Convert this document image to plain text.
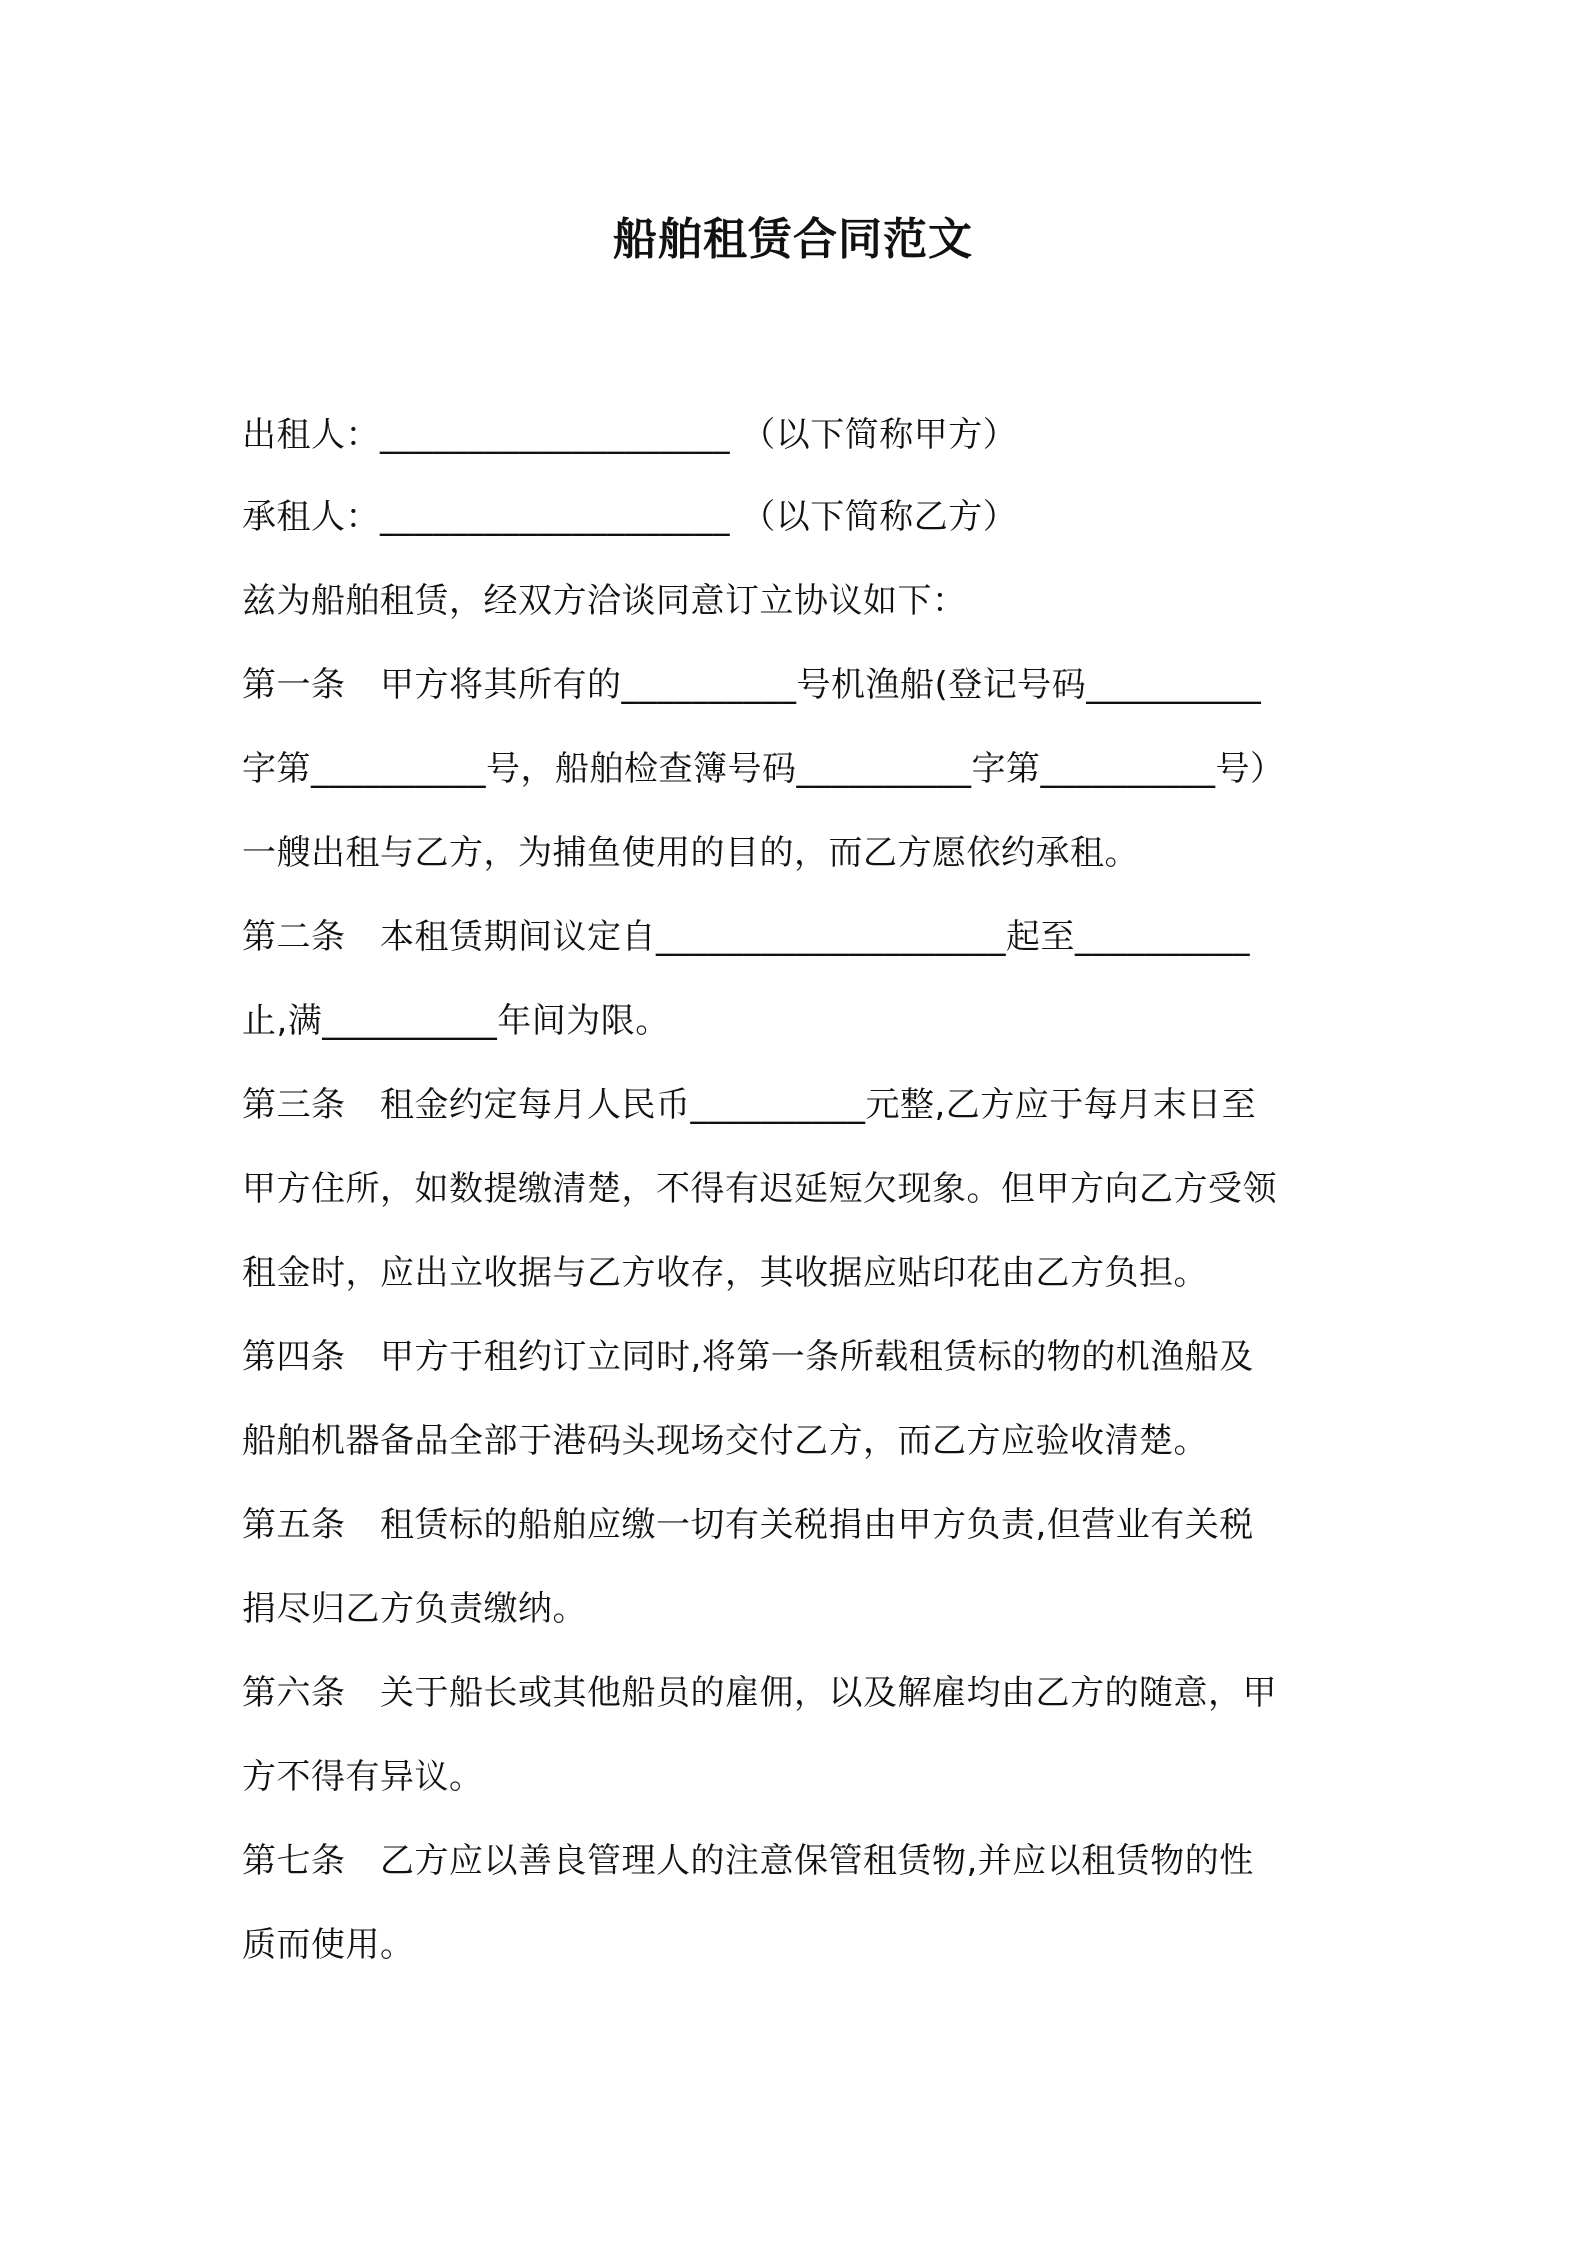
船舶租赁合同范文
出租人：____________________ （以下简称甲方）
承租人：____________________ （以下简称乙方）
兹为船舶租赁，经双方洽谈同意订立协议如下：
第一条　甲方将其所有的__________号机渔船(登记号码__________
字第__________号，船舶检查簿号码__________字第__________号）
一艘出租与乙方，为捕鱼使用的目的，而乙方愿依约承租。
第二条　本租赁期间议定自____________________起至__________
止,满__________年间为限。
第三条　租金约定每月人民币__________元整,乙方应于每月末日至
甲方住所，如数提缴清楚，不得有迟延短欠现象。但甲方向乙方受领
租金时，应出立收据与乙方收存，其收据应贴印花由乙方负担。
第四条　甲方于租约订立同时,将第一条所载租赁标的物的机渔船及
船舶机器备品全部于港码头现场交付乙方，而乙方应验收清楚。
第五条　租赁标的船舶应缴一切有关税捐由甲方负责,但营业有关税
捐尽归乙方负责缴纳。
第六条　关于船长或其他船员的雇佣，以及解雇均由乙方的随意，甲
方不得有异议。
第七条　乙方应以善良管理人的注意保管租赁物,并应以租赁物的性
质而使用。
